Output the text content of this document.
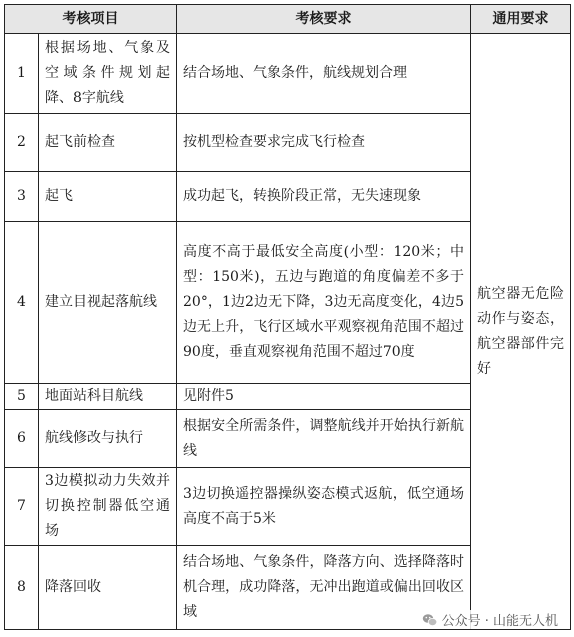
考核项目		考核要求	通用要求
1	根据场地、气象及空域条件规划起降、8字航线	结合场地、气象条件，航线规划合理	航空器无危险动作与姿态，航空器部件完好
2	起飞前检查	按机型检查要求完成飞行检查	
3	起飞	成功起飞，转换阶段正常，无失速现象	
4	建立目视起落航线	高度不高于最低安全高度(小型：120米；中型：150米)，五边与跑道的角度偏差不多于20°，1边2边无下降，3边无高度变化，4边5边无上升，飞行区域水平观察视角范围不超过90度，垂直观察视角范围不超过70度	
5	地面站科目航线	见附件5	
6	航线修改与执行	根据安全所需条件，调整航线并开始执行新航线	
7	3边模拟动力失效并切换控制器低空通场	3边切换遥控器操纵姿态模式返航，低空通场高度不高于5米	
8	降落回收	结合场地、气象条件，降落方向、选择降落时机合理，成功降落，无冲出跑道或偏出回收区域	
公众号 · 山能无人机
